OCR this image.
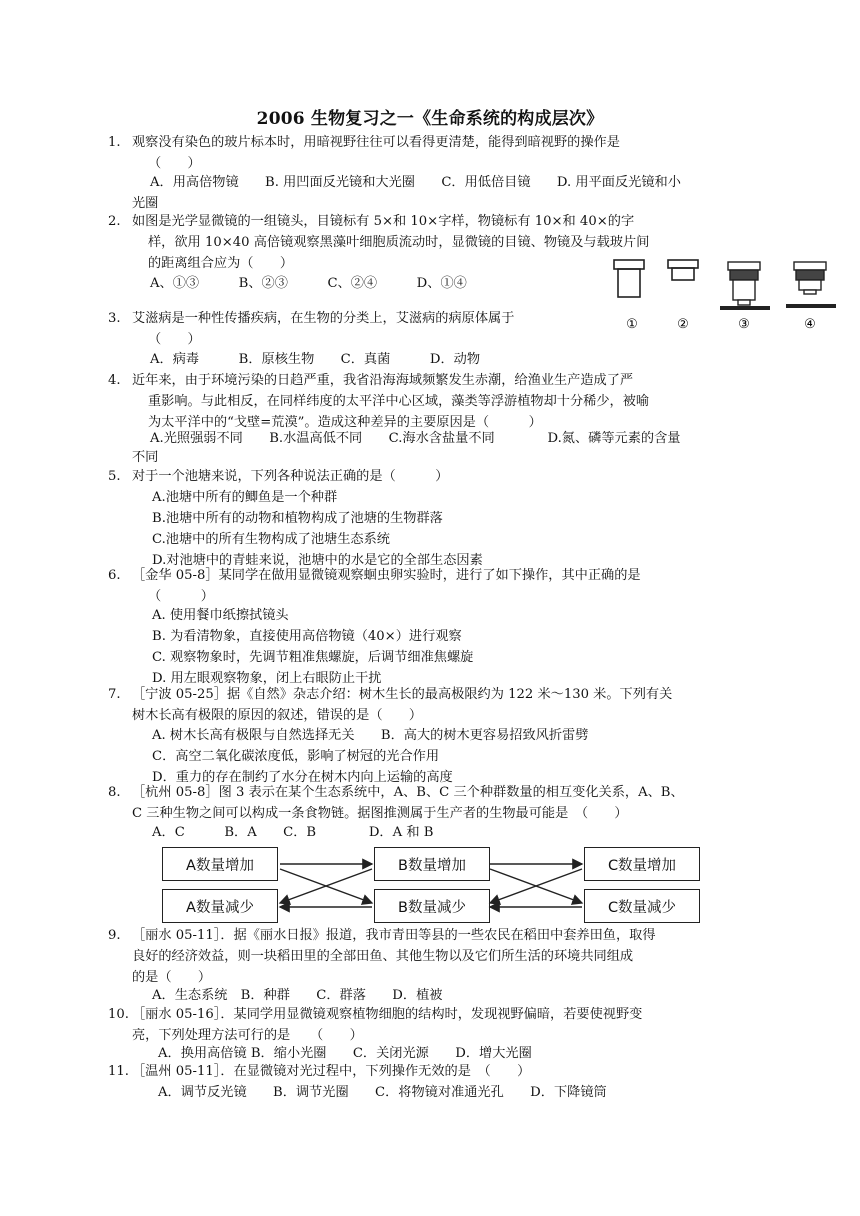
2006 生物复习之一《生命系统的构成层次》
1. 观察没有染色的玻片标本时，用暗视野往往可以看得更清楚，能得到暗视野的操作是
（　　）
A．用高倍物镜　　B. 用凹面反光镜和大光圈　　C．用低倍目镜　　D. 用平面反光镜和小
光圈
2. 如图是光学显微镜的一组镜头，目镜标有 5×和 10×字样，物镜标有 10×和 40×的字
样，欲用 10×40 高倍镜观察黑藻叶细胞质流动时，显微镜的目镜、物镜及与载玻片间
的距离组合应为（　　）
A、①③　　　B、②③　　　C、②④　　　D、①④
①	②	③	④
3. 艾滋病是一种性传播疾病，在生物的分类上，艾滋病的病原体属于
（　　）
A．病毒　　　B．原核生物　　C．真菌　　　D．动物
4. 近年来，由于环境污染的日趋严重，我省沿海海域频繁发生赤潮，给渔业生产造成了严
重影响。与此相反，在同样纬度的太平洋中心区域，藻类等浮游植物却十分稀少，被喻
为太平洋中的“戈壁=荒漠”。造成这种差异的主要原因是（　　　）
A.光照强弱不同　　B.水温高低不同　　C.海水含盐量不同　　　　D.氮、磷等元素的含量
不同
5. 对于一个池塘来说，下列各种说法正确的是（　　　）
A.池塘中所有的鲫鱼是一个种群
B.池塘中所有的动物和植物构成了池塘的生物群落
C.池塘中的所有生物构成了池塘生态系统
D.对池塘中的青蛙来说，池塘中的水是它的全部生态因素
6. ［金华 05-8］某同学在做用显微镜观察蛔虫卵实验时，进行了如下操作，其中正确的是
（　　　）
A. 使用餐巾纸擦拭镜头
B. 为看清物象，直接使用高倍物镜（40×）进行观察
C. 观察物象时，先调节粗准焦螺旋，后调节细准焦螺旋
D. 用左眼观察物象，闭上右眼防止干扰
7. ［宁波 05-25］据《自然》杂志介绍：树木生长的最高极限约为 122 米～130 米。下列有关
树木长高有极限的原因的叙述，错误的是（　　）
A. 树木长高有极限与自然选择无关　　B．高大的树木更容易招致风折雷劈
C．高空二氧化碳浓度低，影响了树冠的光合作用
D．重力的存在制约了水分在树木内向上运输的高度
8. ［杭州 05-8］图 3 表示在某个生态系统中，A、B、C 三个种群数量的相互变化关系，A、B、
C 三种生物之间可以构成一条食物链。据图推测属于生产者的生物最可能是　（　　）
A．C　　　B．A　　C．B　　　　D．A 和 B
A数量增加
A数量减少
B数量增加
B数量减少
C数量增加
C数量减少
9. ［丽水 05-11］．据《丽水日报》报道，我市青田等县的一些农民在稻田中套养田鱼，取得
良好的经济效益，则一块稻田里的全部田鱼、其他生物以及它们所生活的环境共同组成
的是（　　）
A．生态系统　B．种群　　C．群落　　D．植被
10. ［丽水 05-16］．某同学用显微镜观察植物细胞的结构时，发现视野偏暗，若要使视野变
亮，下列处理方法可行的是　　（　　）
A．换用高倍镜 B．缩小光圈　　C．关闭光源　　D．增大光圈
11. ［温州 05-11］．在显微镜对光过程中，下列操作无效的是　（　　）
A．调节反光镜　　B．调节光圈　　C．将物镜对准通光孔　　D．下降镜筒
